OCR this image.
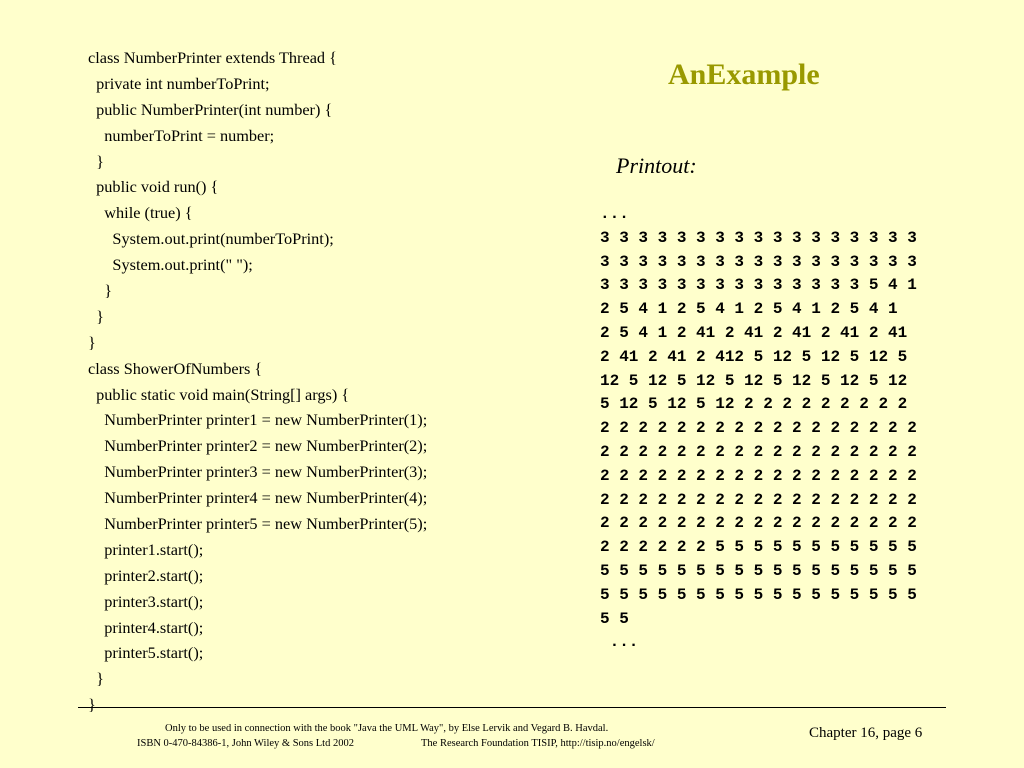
AnExample
class NumberPrinter extends Thread {
private int numberToPrint;
public NumberPrinter(int number) {
numberToPrint = number;
}
public void run() {
while (true) {
System.out.print(numberToPrint);
System.out.print(" ");
}
}
}
class ShowerOfNumbers {
public static void main(String[] args) {
NumberPrinter printer1 = new NumberPrinter(1);
NumberPrinter printer2 = new NumberPrinter(2);
NumberPrinter printer3 = new NumberPrinter(3);
NumberPrinter printer4 = new NumberPrinter(4);
NumberPrinter printer5 = new NumberPrinter(5);
printer1.start();
printer2.start();
printer3.start();
printer4.start();
printer5.start();
}
}
Printout:
...
3 3 3 3 3 3 3 3 3 3 3 3 3 3 3 3 3
3 3 3 3 3 3 3 3 3 3 3 3 3 3 3 3 3
3 3 3 3 3 3 3 3 3 3 3 3 3 3 5 4 1
2 5 4 1 2 5 4 1 2 5 4 1 2 5 4 1
2 5 4 1 2 41 2 41 2 41 2 41 2 41
2 41 2 41 2 412 5 12 5 12 5 12 5
12 5 12 5 12 5 12 5 12 5 12 5 12
5 12 5 12 5 12 2 2 2 2 2 2 2 2 2
2 2 2 2 2 2 2 2 2 2 2 2 2 2 2 2 2
2 2 2 2 2 2 2 2 2 2 2 2 2 2 2 2 2
2 2 2 2 2 2 2 2 2 2 2 2 2 2 2 2 2
2 2 2 2 2 2 2 2 2 2 2 2 2 2 2 2 2
2 2 2 2 2 2 2 2 2 2 2 2 2 2 2 2 2
2 2 2 2 2 2 5 5 5 5 5 5 5 5 5 5 5
5 5 5 5 5 5 5 5 5 5 5 5 5 5 5 5 5
5 5 5 5 5 5 5 5 5 5 5 5 5 5 5 5 5
5 5
...
Only to be used in connection with the book "Java the UML Way", by Else Lervik and Vegard B. Havdal.
ISBN 0-470-84386-1, John Wiley & Sons Ltd 2002	The Research Foundation TISIP, http://tisip.no/engelsk/
Chapter 16, page 6
